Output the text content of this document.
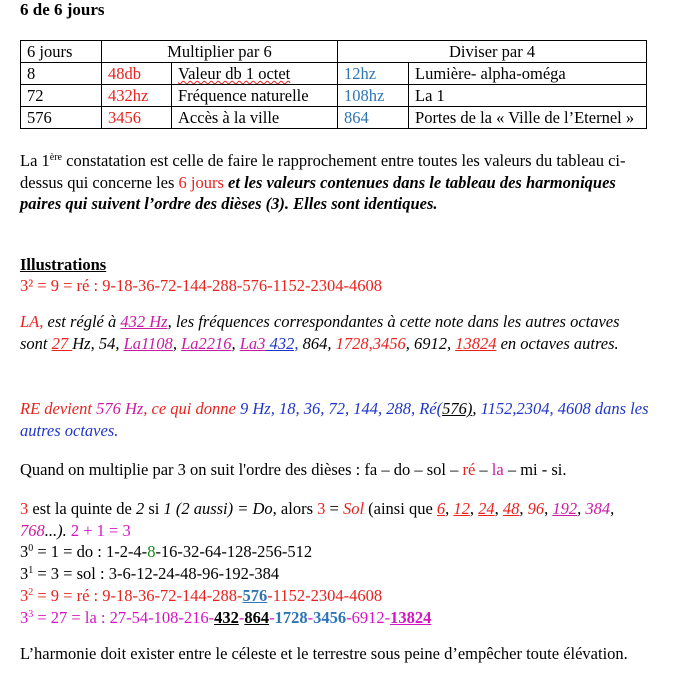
6 de 6 jours
6 jours	Multiplier par 6		Diviser par 4	
8	48db	Valeur db 1 octet	12hz	Lumière- alpha-oméga
72	432hz	Fréquence naturelle	108hz	La 1
576	3456	Accès à la ville	864	Portes de la « Ville de l’Eternel »
La 1ère constatation est celle de faire le rapprochement entre toutes les valeurs du tableau ci-dessus qui concerne les 6 jours et les valeurs contenues dans le tableau des harmoniques paires qui suivent l’ordre des dièses (3). Elles sont identiques.
Illustrations
3² = 9 = ré : 9-18-36-72-144-288-576-1152-2304-4608
LA, est réglé à 432 Hz, les fréquences correspondantes à cette note dans les autres octaves sont 27 Hz, 54, La1108, La2216, La3 432, 864, 1728,3456, 6912, 13824 en octaves autres.
RE devient 576 Hz, ce qui donne 9 Hz, 18, 36, 72, 144, 288, Ré(576), 1152,2304, 4608 dans les autres octaves.
Quand on multiplie par 3 on suit l'ordre des dièses : fa – do – sol – ré – la – mi - si.
3 est la quinte de 2 si 1 (2 aussi) = Do, alors 3 = Sol (ainsi que 6, 12, 24, 48, 96, 192, 384, 768...). 2 + 1 = 3
$3^0 = 1$ = do : 1-2-4-8-16-32-64-128-256-512
$3^1 = 3$ = sol : 3-6-12-24-48-96-192-384
$3^2 = 9$ = ré : 9-18-36-72-144-288-576-1152-2304-4608
$3^3 = 27$ = la : 27-54-108-216-432-864-1728-3456-6912-13824
L’harmonie doit exister entre le céleste et le terrestre sous peine d’empêcher toute élévation.
